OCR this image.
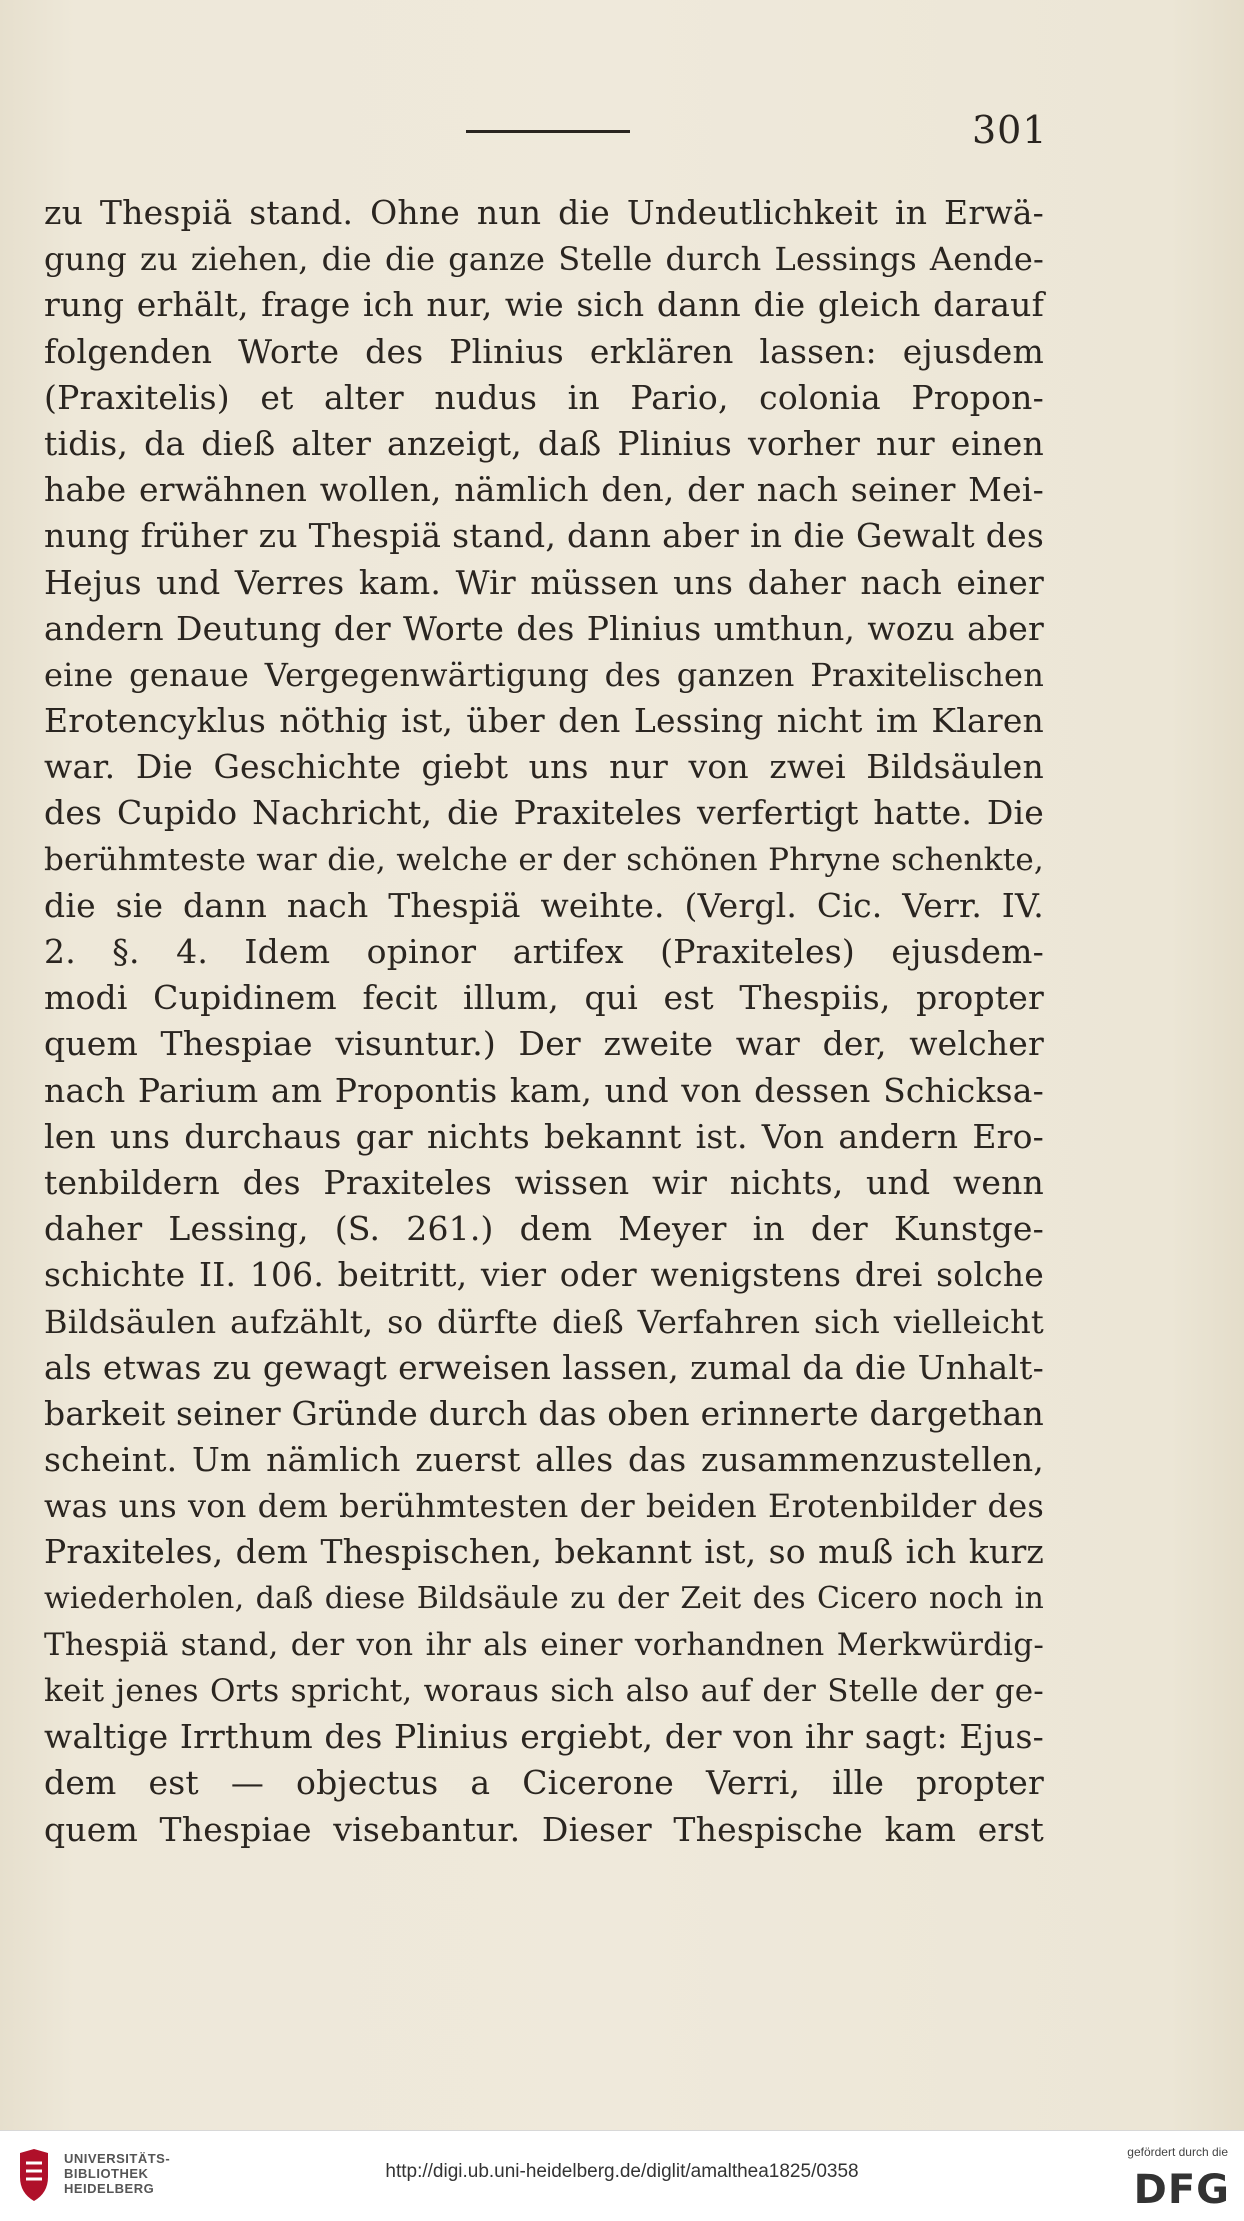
301
zu Thespiä stand. Ohne nun die Undeutlichkeit in Erwä-
gung zu ziehen, die die ganze Stelle durch Lessings Aende-
rung erhält, frage ich nur, wie sich dann die gleich darauf
folgenden Worte des Plinius erklären lassen: ejusdem
(Praxitelis) et alter nudus in Pario, colonia Propon-
tidis, da dieß alter anzeigt, daß Plinius vorher nur einen
habe erwähnen wollen, nämlich den, der nach seiner Mei-
nung früher zu Thespiä stand, dann aber in die Gewalt des
Hejus und Verres kam. Wir müssen uns daher nach einer
andern Deutung der Worte des Plinius umthun, wozu aber
eine genaue Vergegenwärtigung des ganzen Praxitelischen
Erotencyklus nöthig ist, über den Lessing nicht im Klaren
war. Die Geschichte giebt uns nur von zwei Bildsäulen
des Cupido Nachricht, die Praxiteles verfertigt hatte. Die
berühmteste war die, welche er der schönen Phryne schenkte,
die sie dann nach Thespiä weihte. (Vergl. Cic. Verr. IV.
2. §. 4. Idem opinor artifex (Praxiteles) ejusdem-
modi Cupidinem fecit illum, qui est Thespiis, propter
quem Thespiae visuntur.) Der zweite war der, welcher
nach Parium am Propontis kam, und von dessen Schicksa-
len uns durchaus gar nichts bekannt ist. Von andern Ero-
tenbildern des Praxiteles wissen wir nichts, und wenn
daher Lessing, (S. 261.) dem Meyer in der Kunstge-
schichte II. 106. beitritt, vier oder wenigstens drei solche
Bildsäulen aufzählt, so dürfte dieß Verfahren sich vielleicht
als etwas zu gewagt erweisen lassen, zumal da die Unhalt-
barkeit seiner Gründe durch das oben erinnerte dargethan
scheint. Um nämlich zuerst alles das zusammenzustellen,
was uns von dem berühmtesten der beiden Erotenbilder des
Praxiteles, dem Thespischen, bekannt ist, so muß ich kurz
wiederholen, daß diese Bildsäule zu der Zeit des Cicero noch in
Thespiä stand, der von ihr als einer vorhandnen Merkwürdig-
keit jenes Orts spricht, woraus sich also auf der Stelle der ge-
waltige Irrthum des Plinius ergiebt, der von ihr sagt: Ejus-
dem est — objectus a Cicerone Verri, ille propter
quem Thespiae visebantur. Dieser Thespische kam erst
UNIVERSITÄTS-
BIBLIOTHEK
HEIDELBERG
http://digi.ub.uni-heidelberg.de/diglit/amalthea1825/0358
gefördert durch die
DFG
